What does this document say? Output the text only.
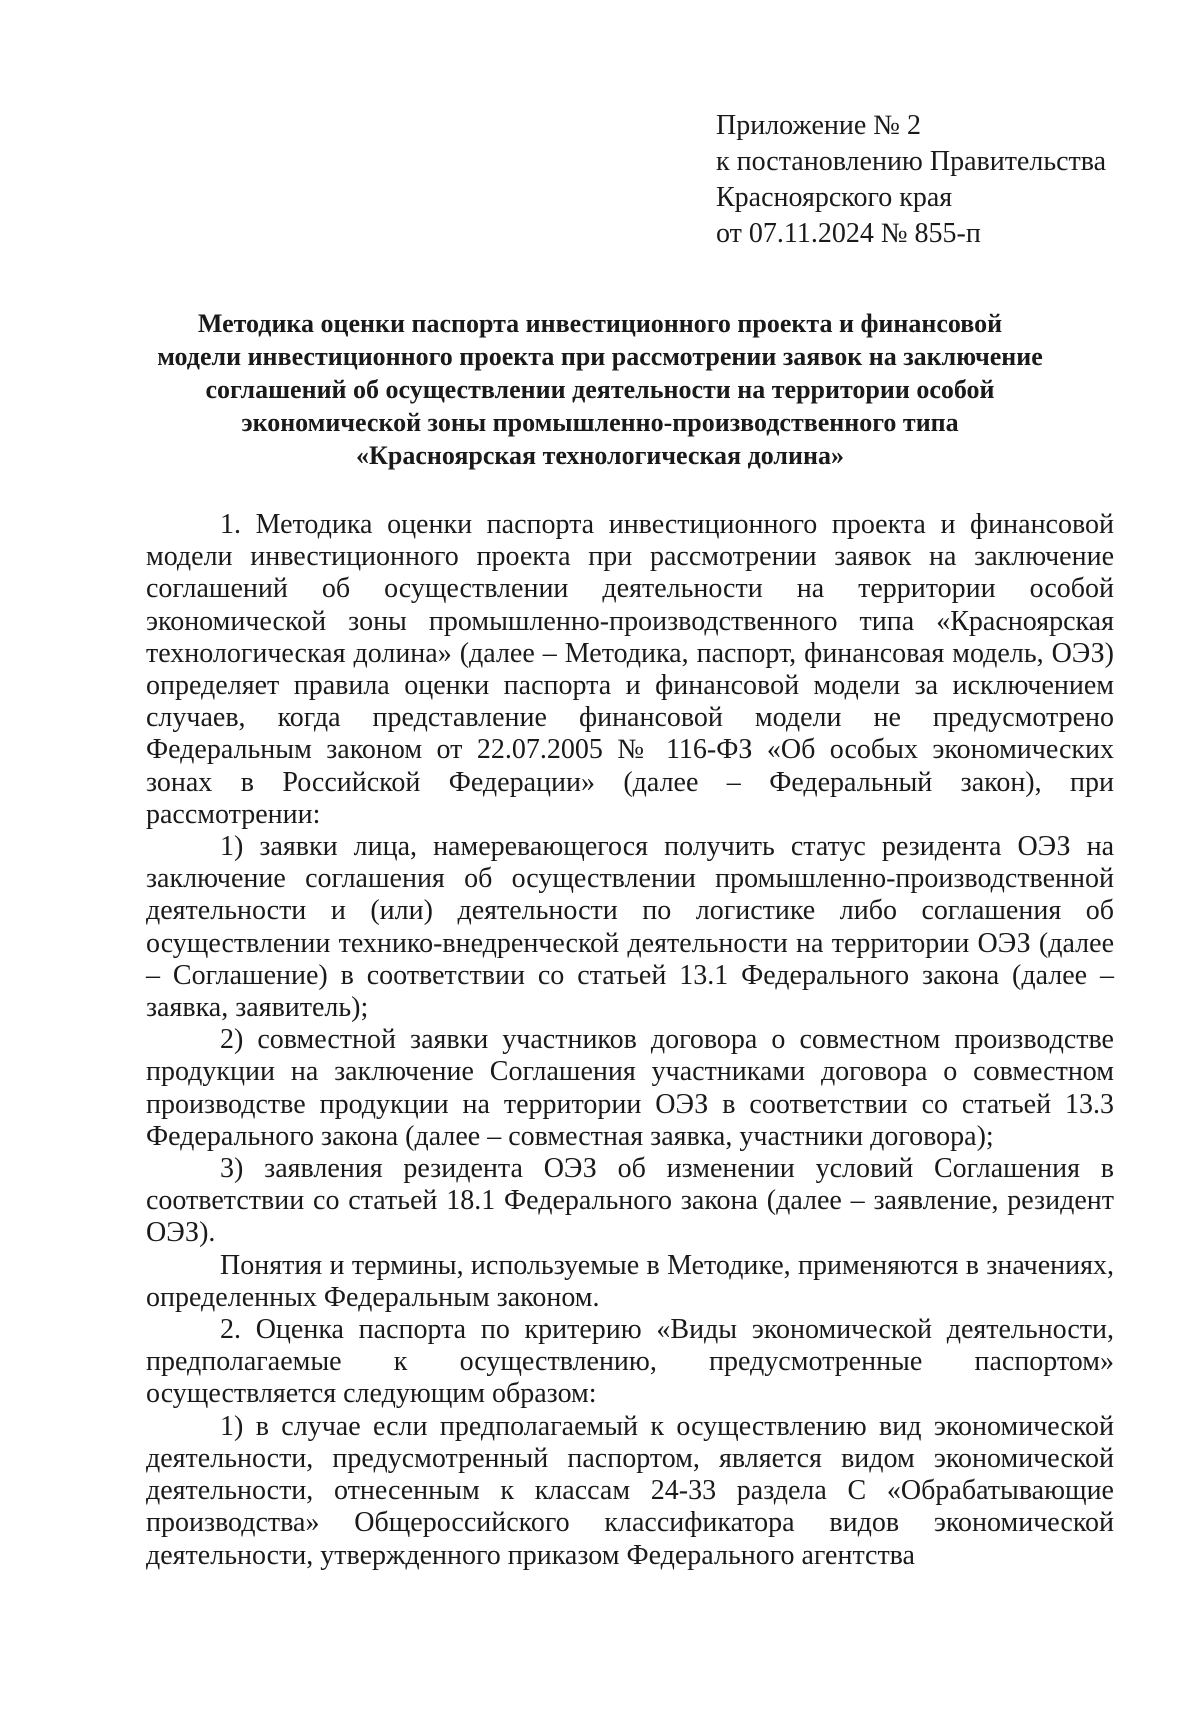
Приложение № 2
к постановлению Правительства
Красноярского края
от 07.11.2024 № 855-п
Методика оценки паспорта инвестиционного проекта и финансовой
модели инвестиционного проекта при рассмотрении заявок на заключение
соглашений об осуществлении деятельности на территории особой
экономической зоны промышленно-производственного типа
«Красноярская технологическая долина»

1. Методика оценки паспорта инвестиционного проекта и финансовой модели инвестиционного проекта при рассмотрении заявок на заключение соглашений об осуществлении деятельности на территории особой экономической зоны промышленно-производственного типа «Красноярская технологическая долина» (далее – Методика, паспорт, финансовая модель, ОЭЗ) определяет правила оценки паспорта и финансовой модели за исключением случаев, когда представление финансовой модели не предусмотрено Федеральным законом от 22.07.2005 № 116-ФЗ «Об особых экономических зонах в Российской Федерации» (далее – Федеральный закон), при рассмотрении:

1) заявки лица, намеревающегося получить статус резидента ОЭЗ на заключение соглашения об осуществлении промышленно-производственной деятельности и (или) деятельности по логистике либо соглашения об осуществлении технико-внедренческой деятельности на территории ОЭЗ (далее – Соглашение) в соответствии со статьей 13.1 Федерального закона (далее – заявка, заявитель);

2) совместной заявки участников договора о совместном производстве продукции на заключение Соглашения участниками договора о совместном производстве продукции на территории ОЭЗ в соответствии со статьей 13.3 Федерального закона (далее – совместная заявка, участники договора);

3) заявления резидента ОЭЗ об изменении условий Соглашения в соответствии со статьей 18.1 Федерального закона (далее – заявление, резидент ОЭЗ).

Понятия и термины, используемые в Методике, применяются в значениях, определенных Федеральным законом.

2. Оценка паспорта по критерию «Виды экономической деятельности, предполагаемые к осуществлению, предусмотренные паспортом» осуществляется следующим образом:

1) в случае если предполагаемый к осуществлению вид экономической деятельности, предусмотренный паспортом, является видом экономической деятельности, отнесенным к классам 24-33 раздела С «Обрабатывающие производства» Общероссийского классификатора видов экономической деятельности, утвержденного приказом Федерального агентства
